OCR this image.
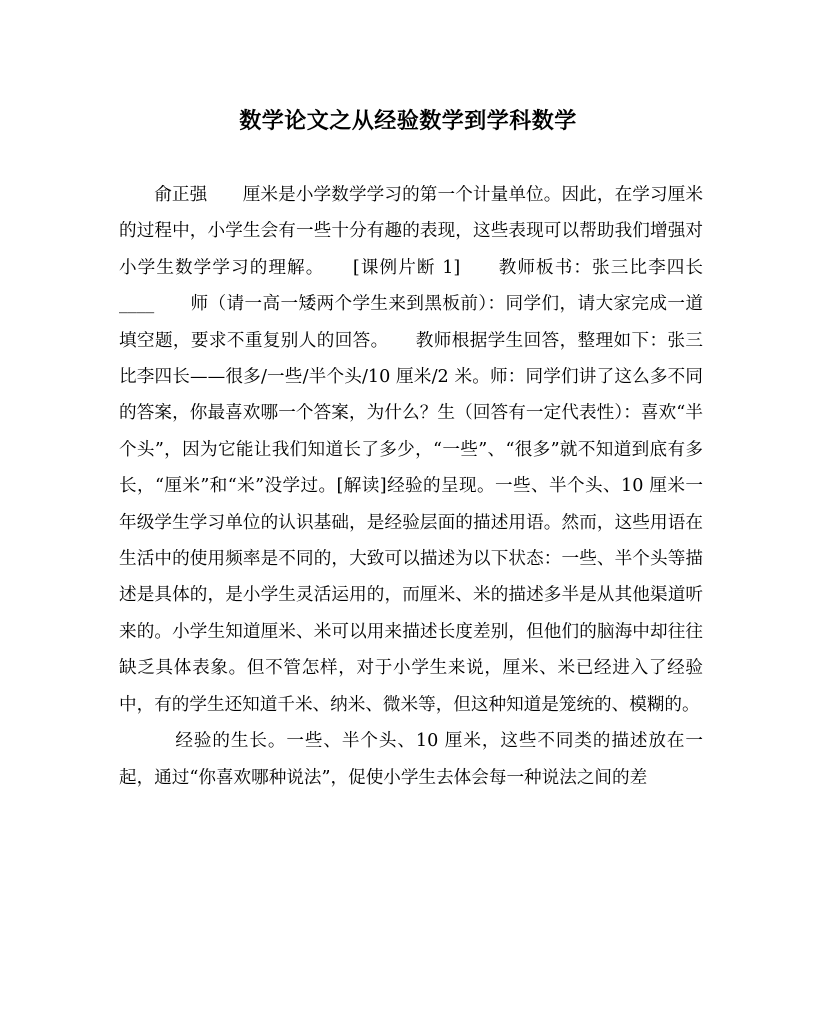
数学论文之从经验数学到学科数学

俞正强　　厘米是小学数学学习的第一个计量单位。因此，在学习厘米的过程中，小学生会有一些十分有趣的表现，这些表现可以帮助我们增强对小学生数学学习的理解。　　[课例片断 1]　　教师板书：张三比李四长____　　师（请一高一矮两个学生来到黑板前）：同学们，请大家完成一道填空题，要求不重复别人的回答。　　教师根据学生回答，整理如下：张三比李四长——很多/一些/半个头/10 厘米/2 米。师：同学们讲了这么多不同的答案，你最喜欢哪一个答案，为什么？生（回答有一定代表性）：喜欢“半个头”，因为它能让我们知道长了多少，“一些”、“很多”就不知道到底有多长，“厘米”和“米”没学过。[解读]经验的呈现。一些、半个头、10 厘米一年级学生学习单位的认识基础，是经验层面的描述用语。然而，这些用语在生活中的使用频率是不同的，大致可以描述为以下状态：一些、半个头等描述是具体的，是小学生灵活运用的，而厘米、米的描述多半是从其他渠道听来的。小学生知道厘米、米可以用来描述长度差别，但他们的脑海中却往往缺乏具体表象。但不管怎样，对于小学生来说，厘米、米已经进入了经验中，有的学生还知道千米、纳米、微米等，但这种知道是笼统的、模糊的。

经验的生长。一些、半个头、10 厘米，这些不同类的描述放在一起，通过“你喜欢哪种说法”，促使小学生去体会每一种说法之间的差
